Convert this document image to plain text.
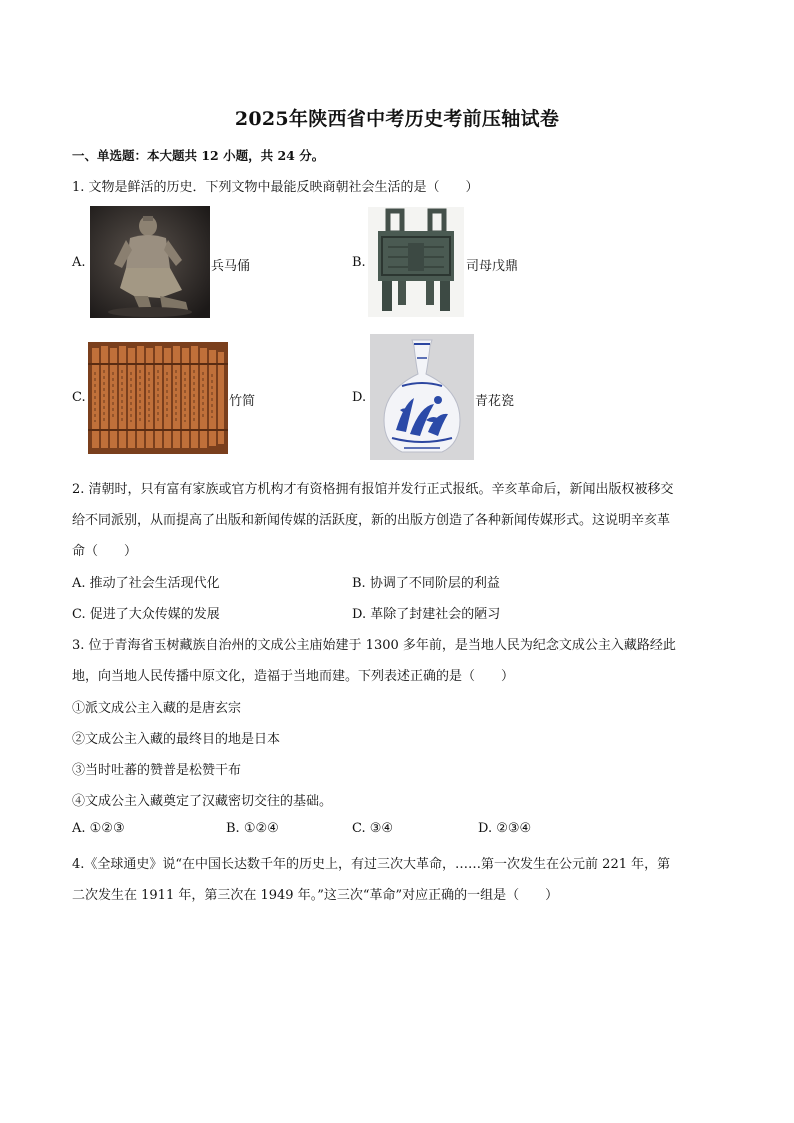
2025年陕西省中考历史考前压轴试卷
一、单选题：本大题共 12 小题，共 24 分。
1. 文物是鲜活的历史．下列文物中最能反映商朝社会生活的是（　　）
A.	兵马俑	B.	司母戊鼎
C.	竹简	D.	青花瓷
2. 清朝时，只有富有家族或官方机构才有资格拥有报馆并发行正式报纸。辛亥革命后，新闻出版权被移交
给不同派别，从而提高了出版和新闻传媒的活跃度，新的出版方创造了各种新闻传媒形式。这说明辛亥革
命（　　）
A. 推动了社会生活现代化	B. 协调了不同阶层的利益
C. 促进了大众传媒的发展	D. 革除了封建社会的陋习
3. 位于青海省玉树藏族自治州的文成公主庙始建于 1300 多年前，是当地人民为纪念文成公主入藏路经此
地，向当地人民传播中原文化，造福于当地而建。下列表述正确的是（　　）
①派文成公主入藏的是唐玄宗
②文成公主入藏的最终目的地是日本
③当时吐蕃的赞普是松赞干布
④文成公主入藏奠定了汉藏密切交往的基础。
A. ①②③	B. ①②④	C. ③④	D. ②③④
4.《全球通史》说“在中国长达数千年的历史上，有过三次大革命，……第一次发生在公元前 221 年，第
二次发生在 1911 年，第三次在 1949 年。”这三次“革命”对应正确的一组是（　　）
